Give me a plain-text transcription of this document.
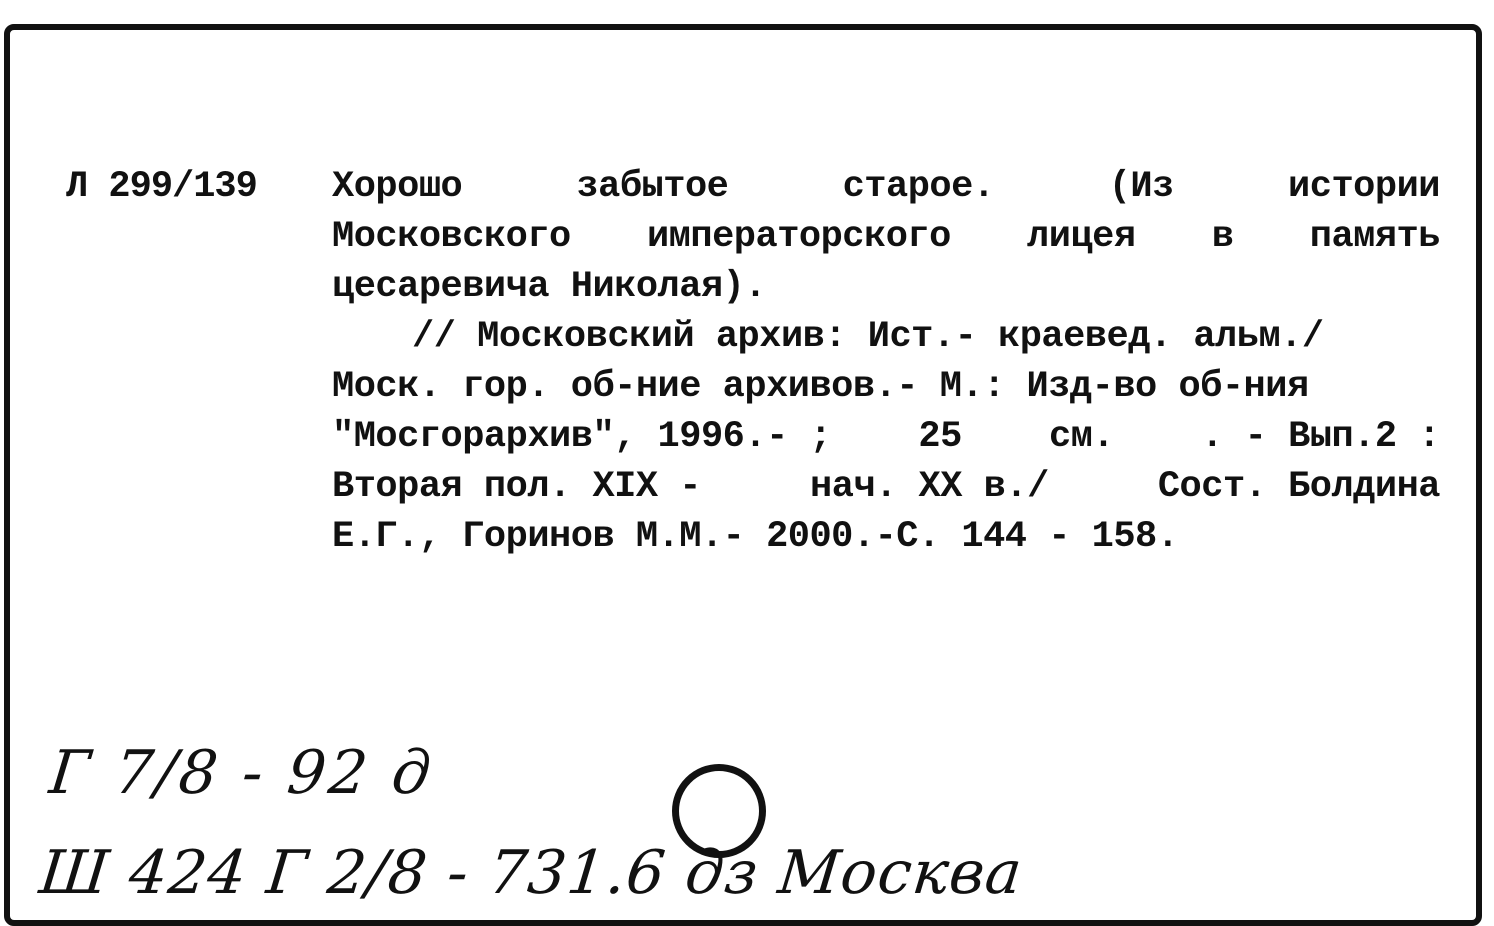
Л 299/139 Хорошо	забытое	старое.	(Из	истории
Московского императорского лицея в память
цесаревича Николая).
// Московский архив: Ист.- краевед. альм./
Моск. гор. об-ние архивов.- М.: Изд-во об-ния
"Мосгорархив", 1996.- ; 25 см. . - Вып.2 :
Вторая пол. XIX -	нач. XX в./	Сост. Болдина
Е.Г., Горинов М.М.- 2000.-С. 144 - 158.
Г 7/8 - 92 д
Ш 424 Г 2/8 - 731.6 дз Москва
